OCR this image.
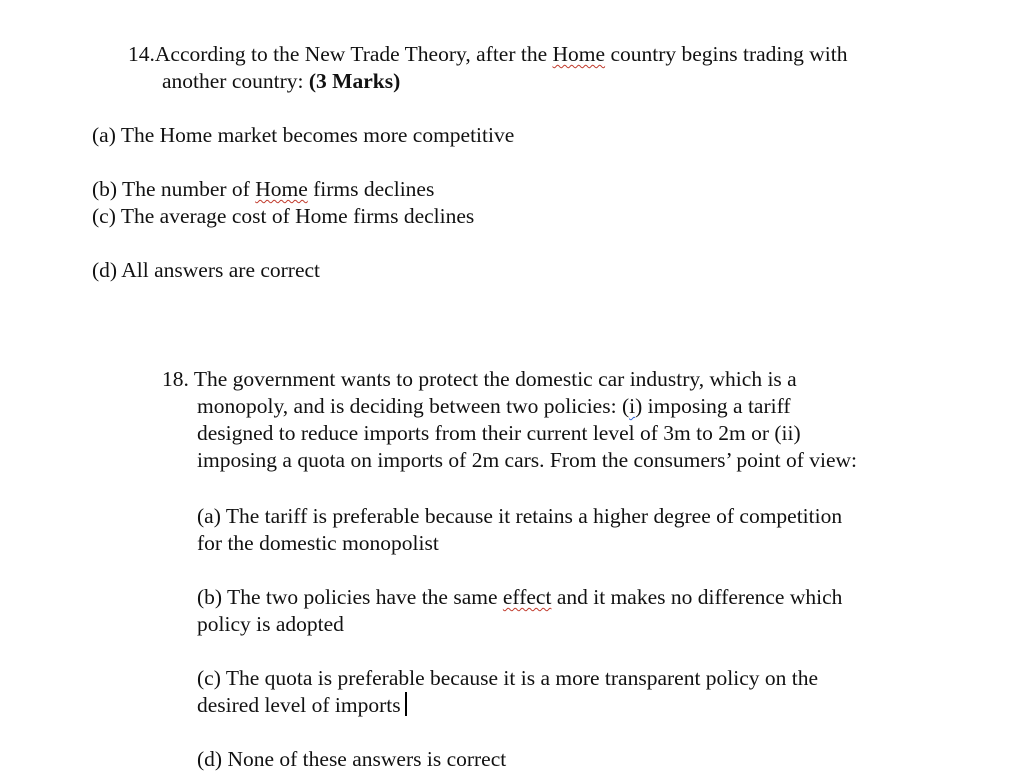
14.According to the New Trade Theory, after the Home country begins trading with
another country: (3 Marks)
(a) The Home market becomes more competitive
(b) The number of Home firms declines
(c) The average cost of Home firms declines
(d) All answers are correct
18. The government wants to protect the domestic car industry, which is a
monopoly, and is deciding between two policies: (i) imposing a tariff
designed to reduce imports from their current level of 3m to 2m or (ii)
imposing a quota on imports of 2m cars. From the consumers’ point of view:
(a) The tariff is preferable because it retains a higher degree of competition
for the domestic monopolist
(b) The two policies have the same effect and it makes no difference which
policy is adopted
(c) The quota is preferable because it is a more transparent policy on the
desired level of imports
(d) None of these answers is correct
